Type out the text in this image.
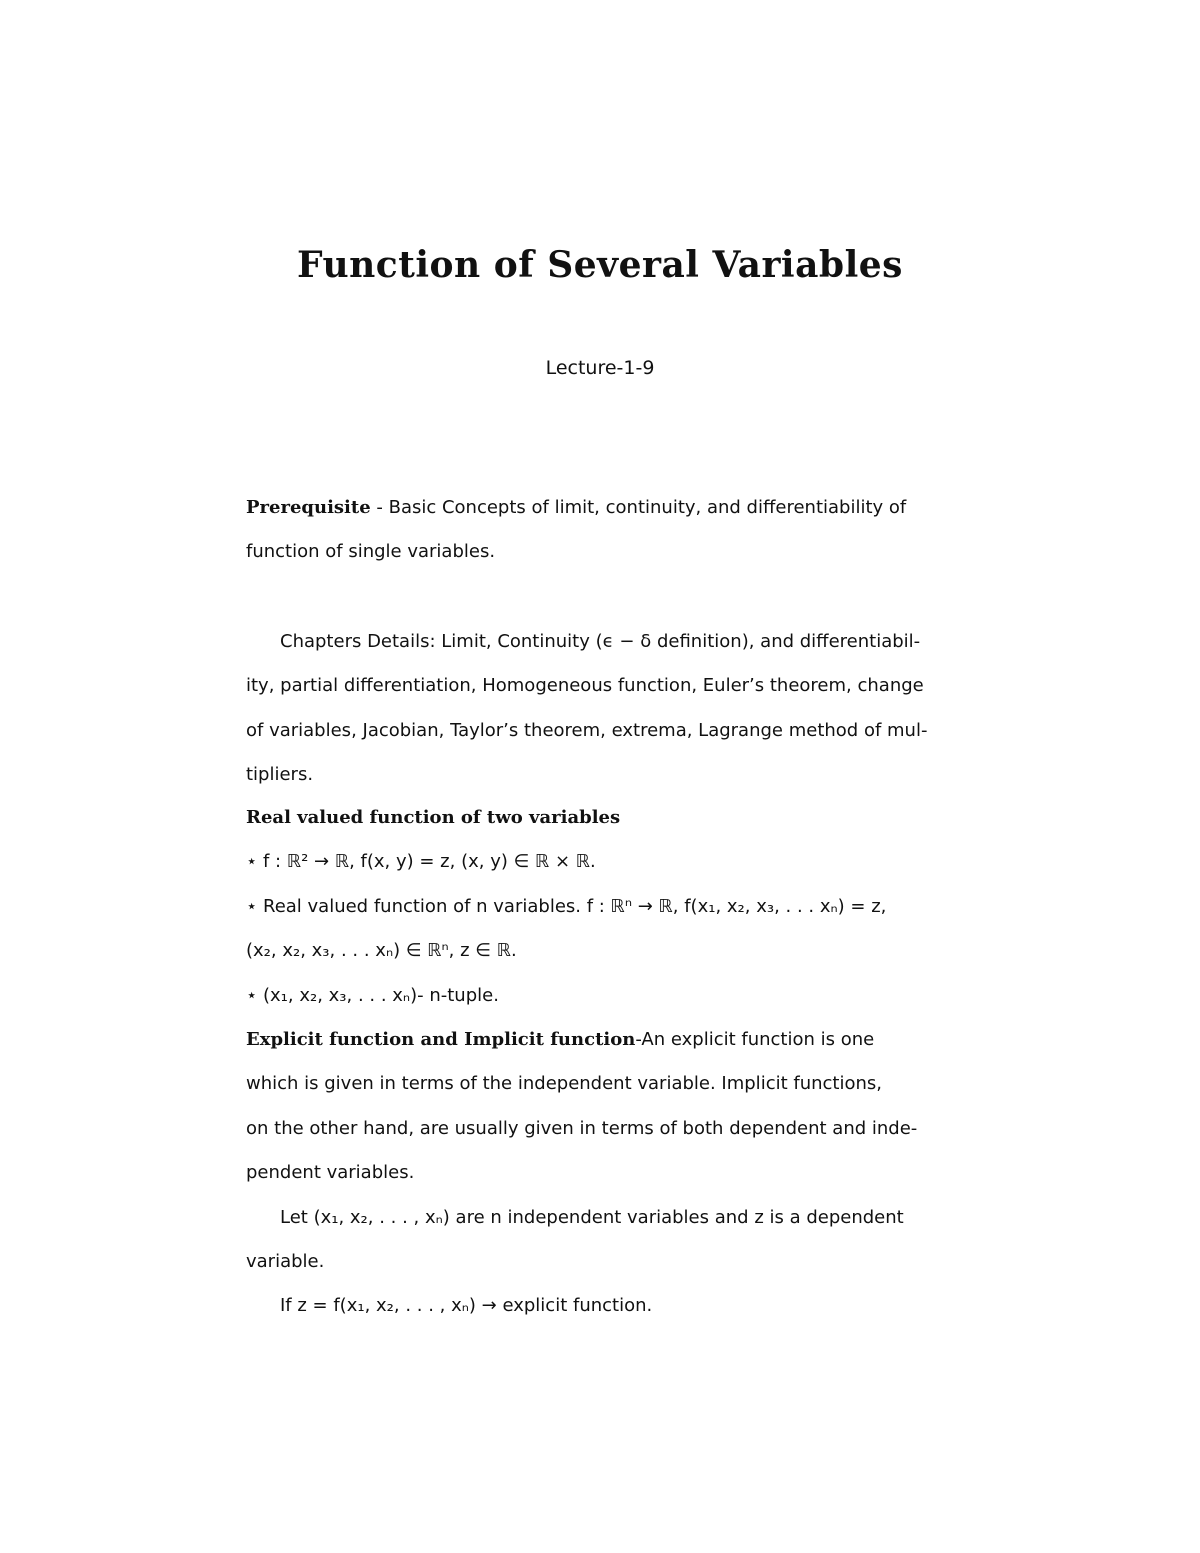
Function of Several Variables
Lecture-1-9
Prerequisite - Basic Concepts of limit, continuity, and differentiability of
function of single variables.
Chapters Details: Limit, Continuity (ϵ − δ definition), and differentiabil-
ity, partial differentiation, Homogeneous function, Euler’s theorem, change
of variables, Jacobian, Taylor’s theorem, extrema, Lagrange method of mul-
tipliers.
Real valued function of two variables
⋆ f : ℝ² → ℝ, f(x, y) = z, (x, y) ∈ ℝ × ℝ.
⋆ Real valued function of n variables. f : ℝⁿ → ℝ, f(x₁, x₂, x₃, . . . xₙ) = z,
(x₂, x₂, x₃, . . . xₙ) ∈ ℝⁿ, z ∈ ℝ.
⋆ (x₁, x₂, x₃, . . . xₙ)- n-tuple.
Explicit function and Implicit function-An explicit function is one
which is given in terms of the independent variable. Implicit functions,
on the other hand, are usually given in terms of both dependent and inde-
pendent variables.
Let (x₁, x₂, . . . , xₙ) are n independent variables and z is a dependent
variable.
If z = f(x₁, x₂, . . . , xₙ) → explicit function.
